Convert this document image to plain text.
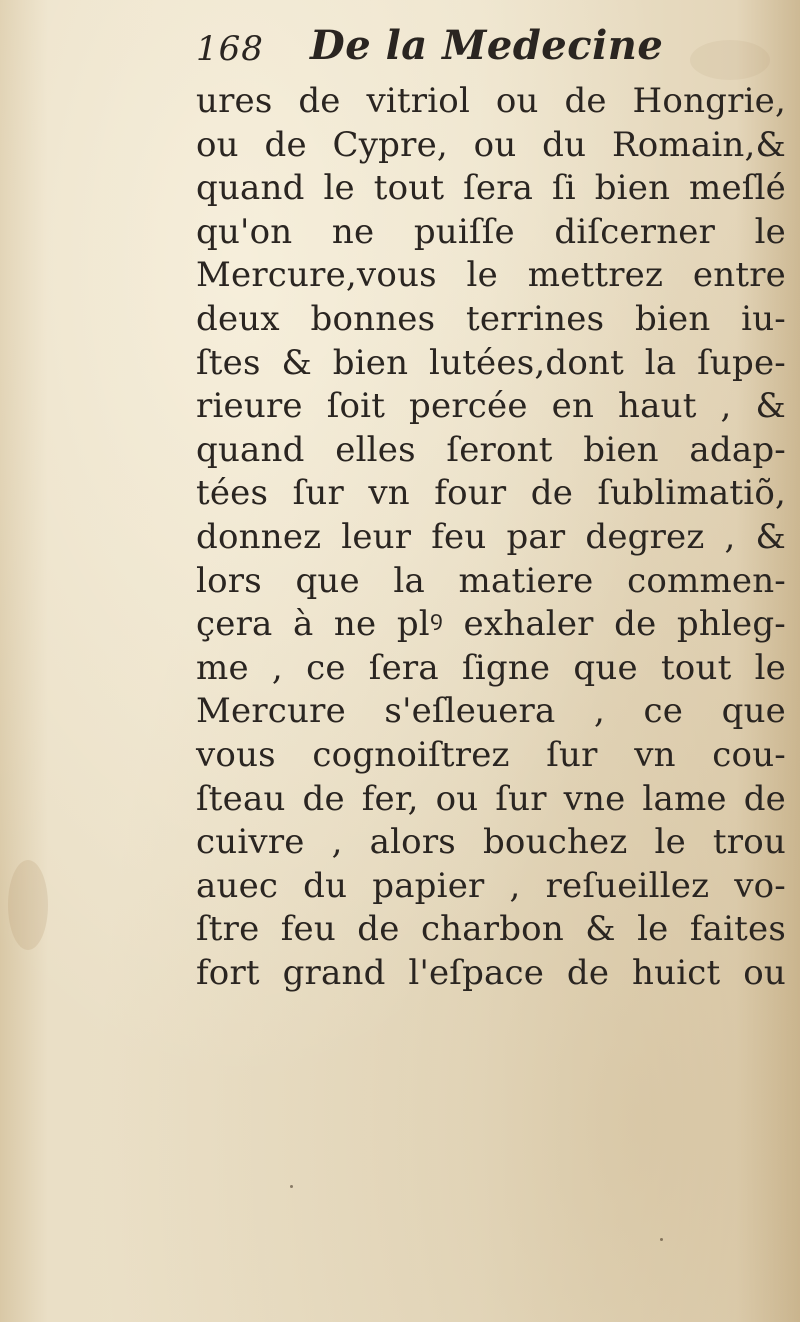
168 De la Medecine
ures de vitriol ou de Hongrie,
ou de Cypre, ou du Romain,&
quand le tout ſera ſi bien meſlé
qu'on ne puiſſe diſcerner le
Mercure,vous le mettrez entre
deux bonnes terrines bien iu-
ſtes & bien lutées,dont la ſupe-
rieure ſoit percée en haut , &
quand elles ſeront bien adap-
tées ſur vn four de ſublimatiõ,
donnez leur feu par degrez , &
lors que la matiere commen-
çera à ne plꝰ exhaler de phleg-
me , ce ſera ſigne que tout le
Mercure s'eſleuera , ce que
vous cognoiſtrez ſur vn cou-
ſteau de fer, ou ſur vne lame de
cuivre , alors bouchez le trou
auec du papier , reſueillez vo-
ſtre feu de charbon & le faites
fort grand l'eſpace de huict ou
